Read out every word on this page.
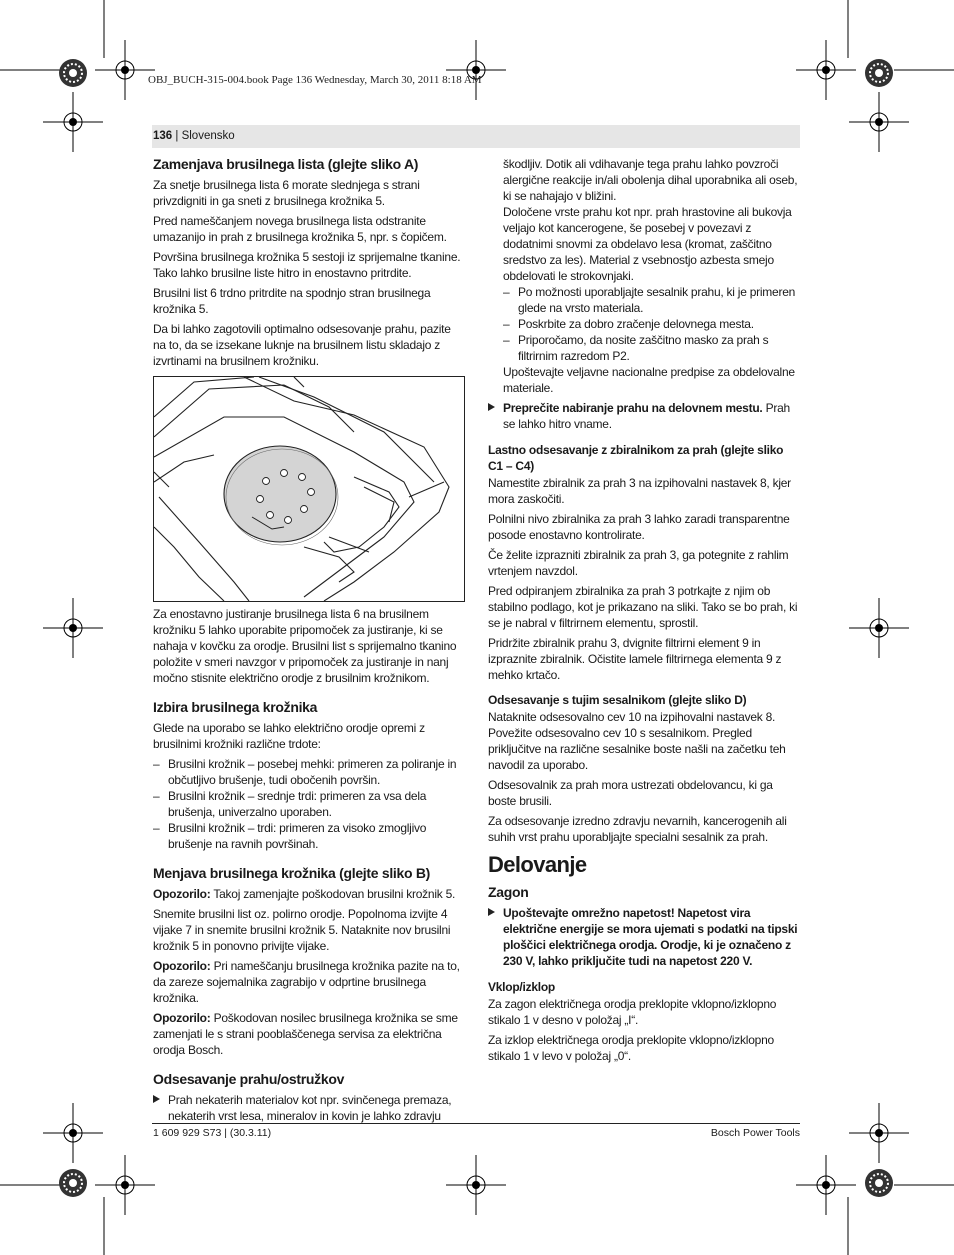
OBJ_BUCH-315-004.book Page 136 Wednesday, March 30, 2011 8:18 AM
136 | Slovensko
Zamenjava brusilnega lista (glejte sliko A)

Za snetje brusilnega lista 6 morate slednjega s strani privzdigniti in ga sneti z brusilnega krožnika 5.

Pred nameščanjem novega brusilnega lista odstranite umazanijo in prah z brusilnega krožnika 5, npr. s čopičem.

Površina brusilnega krožnika 5 sestoji iz sprijemalne tkanine. Tako lahko brusilne liste hitro in enostavno pritrdite.

Brusilni list 6 trdno pritrdite na spodnjo stran brusilnega krožnika 5.

Da bi lahko zagotovili optimalno odsesovanje prahu, pazite na to, da se izsekane luknje na brusilnem listu skladajo z izvrtinami na brusilnem krožniku.

Za enostavno justiranje brusilnega lista 6 na brusilnem krožniku 5 lahko uporabite pripomoček za justiranje, ki se nahaja v kovčku za orodje. Brusilni list s sprijemalno tkanino položite v smeri navzgor v pripomoček za justiranje in nanj močno stisnite električno orodje z brusilnim krožnikom.

Izbira brusilnega krožnika

Glede na uporabo se lahko električno orodje opremi z brusilnimi krožniki različne trdote:

– Brusilni krožnik – posebej mehki: primeren za poliranje in občutljivo brušenje, tudi obočenih površin.
– Brusilni krožnik – srednje trdi: primeren za vsa dela brušenja, univerzalno uporaben.
– Brusilni krožnik – trdi: primeren za visoko zmogljivo brušenje na ravnih površinah.
Menjava brusilnega krožnika (glejte sliko B)

Opozorilo: Takoj zamenjajte poškodovan brusilni krožnik 5.

Snemite brusilni list oz. polirno orodje. Popolnoma izvijte 4 vijake 7 in snemite brusilni krožnik 5. Nataknite nov brusilni krožnik 5 in ponovno privijte vijake.

Opozorilo: Pri nameščanju brusilnega krožnika pazite na to, da zareze sojemalnika zagrabijo v odprtine brusilnega krožnika.

Opozorilo: Poškodovan nosilec brusilnega krožnika se sme zamenjati le s strani pooblaščenega servisa za električna orodja Bosch.

Odsesavanje prahu/ostružkov
Prah nekaterih materialov kot npr. svinčenega premaza, nekaterih vrst lesa, mineralov in kovin je lahko zdravju

škodljiv. Dotik ali vdihavanje tega prahu lahko povzroči alergične reakcije in/ali obolenja dihal uporabnika ali oseb, ki se nahajajo v bližini.

Določene vrste prahu kot npr. prah hrastovine ali bukovja veljajo kot kancerogene, še posebej v povezavi z dodatnimi snovmi za obdelavo lesa (kromat, zaščitno sredstvo za les). Material z vsebnostjo azbesta smejo obdelovati le strokovnjaki.

– Po možnosti uporabljajte sesalnik prahu, ki je primeren glede na vrsto materiala.
– Poskrbite za dobro zračenje delovnega mesta.
– Priporočamo, da nosite zaščitno masko za prah s filtrirnim razredom P2.

Upoštevajte veljavne nacionalne predpise za obdelovalne materiale.

Preprečite nabiranje prahu na delovnem mestu. Prah se lahko hitro vname.
Lastno odsesavanje z zbiralnikom za prah (glejte sliko C1 – C4)

Namestite zbiralnik za prah 3 na izpihovalni nastavek 8, kjer mora zaskočiti.

Polnilni nivo zbiralnika za prah 3 lahko zaradi transparentne posode enostavno kontrolirate.

Če želite izprazniti zbiralnik za prah 3, ga potegnite z rahlim vrtenjem navzdol.

Pred odpiranjem zbiralnika za prah 3 potrkajte z njim ob stabilno podlago, kot je prikazano na sliki. Tako se bo prah, ki se je nabral v filtrirnem elementu, sprostil.

Pridržite zbiralnik prahu 3, dvignite filtrirni element 9 in izpraznite zbiralnik. Očistite lamele filtrirnega elementa 9 z mehko krtačo.

Odsesavanje s tujim sesalnikom (glejte sliko D)

Nataknite odsesovalno cev 10 na izpihovalni nastavek 8. Povežite odsesovalno cev 10 s sesalnikom. Pregled priključitve na različne sesalnike boste našli na začetku teh navodil za uporabo.

Odsesovalnik za prah mora ustrezati obdelovancu, ki ga boste brusili.

Za odsesovanje izredno zdravju nevarnih, kancerogenih ali suhih vrst prahu uporabljajte specialni sesalnik za prah.

Delovanje
Zagon
Upoštevajte omrežno napetost! Napetost vira električne energije se mora ujemati s podatki na tipski ploščici električnega orodja. Orodje, ki je označeno z 230 V, lahko priključite tudi na napetost 220 V.
Vklop/izklop

Za zagon električnega orodja preklopite vklopno/izklopno stikalo 1 v desno v položaj „I“.

Za izklop električnega orodja preklopite vklopno/izklopno stikalo 1 v levo v položaj „0“.

1 609 929 S73 | (30.3.11)	Bosch Power Tools
